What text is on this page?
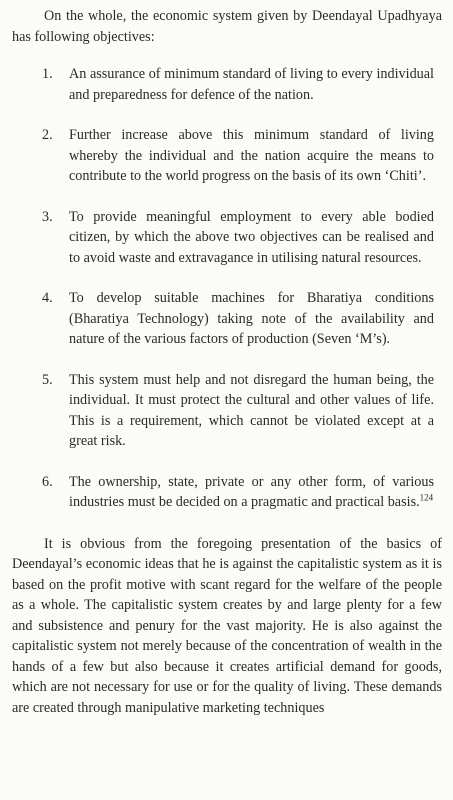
On the whole, the economic system given by Deendayal Upadhyaya has following objectives:

1.	An assurance of minimum standard of living to every individual and preparedness for defence of the nation.
2.	Further increase above this minimum standard of living whereby the individual and the nation acquire the means to contribute to the world progress on the basis of its own ‘Chiti’.
3.	To provide meaningful employment to every able bodied citizen, by which the above two objectives can be realised and to avoid waste and extravagance in utilising natural resources.
4.	To develop suitable machines for Bharatiya conditions (Bharatiya Technology) taking note of the availability and nature of the various factors of production (Seven ‘M’s).
5.	This system must help and not disregard the human being, the individual. It must protect the cultural and other values of life. This is a requirement, which cannot be violated except at a great risk.
6.	The ownership, state, private or any other form, of various industries must be decided on a pragmatic and practical basis.$^{124}$

It is obvious from the foregoing presentation of the basics of Deendayal’s economic ideas that he is against the capitalistic system as it is based on the profit motive with scant regard for the welfare of the people as a whole. The capitalistic system creates by and large plenty for a few and subsistence and penury for the vast majority. He is also against the capitalistic system not merely because of the concentration of wealth in the hands of a few but also because it creates artificial demand for goods, which are not necessary for use or for the quality of living. These demands are created through manipulative marketing techniques
